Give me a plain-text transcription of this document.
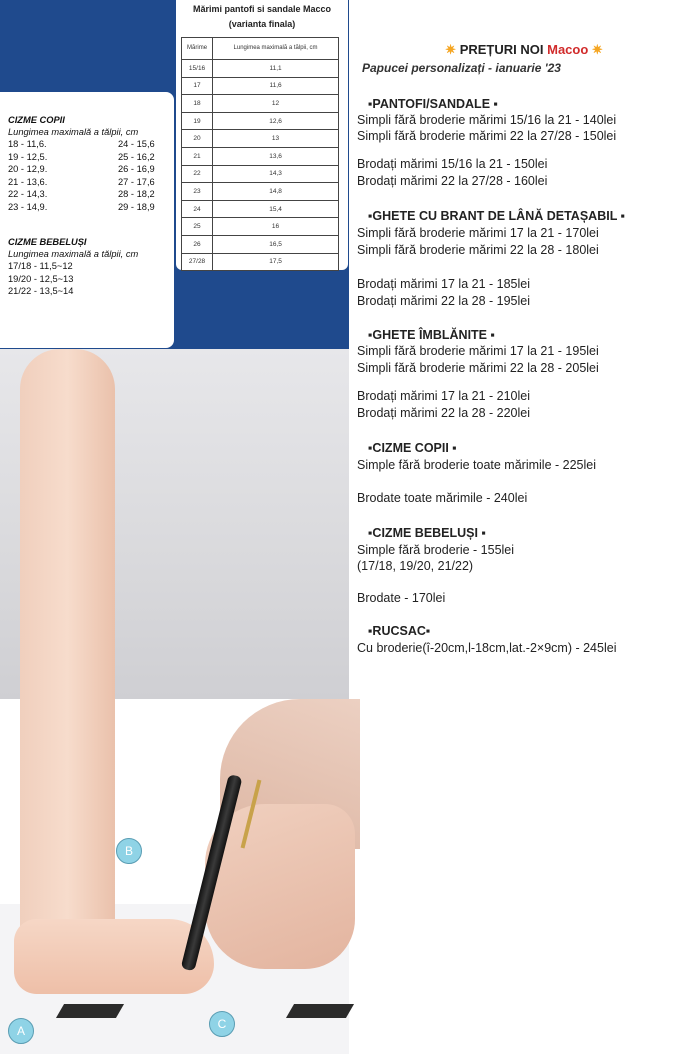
Mărimi pantofi si sandale Macco
(varianta finala)
Mărime	Lungimea maximală a tălpii, cm
15/16	11,1
17	11,6
18	12
19	12,6
20	13
21	13,6
22	14,3
23	14,8
24	15,4
25	16
26	16,5
27/28	17,5
CIZME COPII
Lungimea maximală a tălpii, cm
18 - 11,6.	24 - 15,6
19 - 12,5.	25 - 16,2
20 - 12,9.	26 - 16,9
21 - 13,6.	27 - 17,6
22 - 14,3.	28 - 18,2
23 - 14,9.	29 - 18,9
CIZME BEBELUȘI
Lungimea maximală a tălpii, cm
17/18 - 11,5~12
19/20 - 12,5~13
21/22 - 13,5~14
B
A	C
✷ PREȚURI NOI Macoo ✷
Papucei personalizați - ianuarie '23
▪PANTOFI/SANDALE ▪
Simpli fără broderie mărimi 15/16 la 21 - 140lei
Simpli fără broderie mărimi 22 la 27/28 - 150lei
Brodați mărimi 15/16 la 21 - 150lei
Brodați mărimi 22 la 27/28 - 160lei
▪GHETE CU BRANT DE LÂNĂ DETAȘABIL ▪
Simpli fără broderie mărimi 17 la 21 - 170lei
Simpli fără broderie mărimi 22 la 28 - 180lei
Brodați mărimi 17 la 21 - 185lei
Brodați mărimi 22 la 28 - 195lei
▪GHETE ÎMBLĂNITE ▪
Simpli fără broderie mărimi 17 la 21 - 195lei
Simpli fără broderie mărimi 22 la 28 - 205lei
Brodați mărimi 17 la 21 - 210lei
Brodați mărimi 22 la 28 - 220lei
▪CIZME COPII ▪
Simple fără broderie toate mărimile - 225lei
Brodate toate mărimile - 240lei
▪CIZME BEBELUȘI ▪
Simple fără broderie - 155lei
(17/18, 19/20, 21/22)
Brodate - 170lei
▪RUCSAC▪
Cu broderie(î-20cm,l-18cm,lat.-2×9cm) - 245lei
